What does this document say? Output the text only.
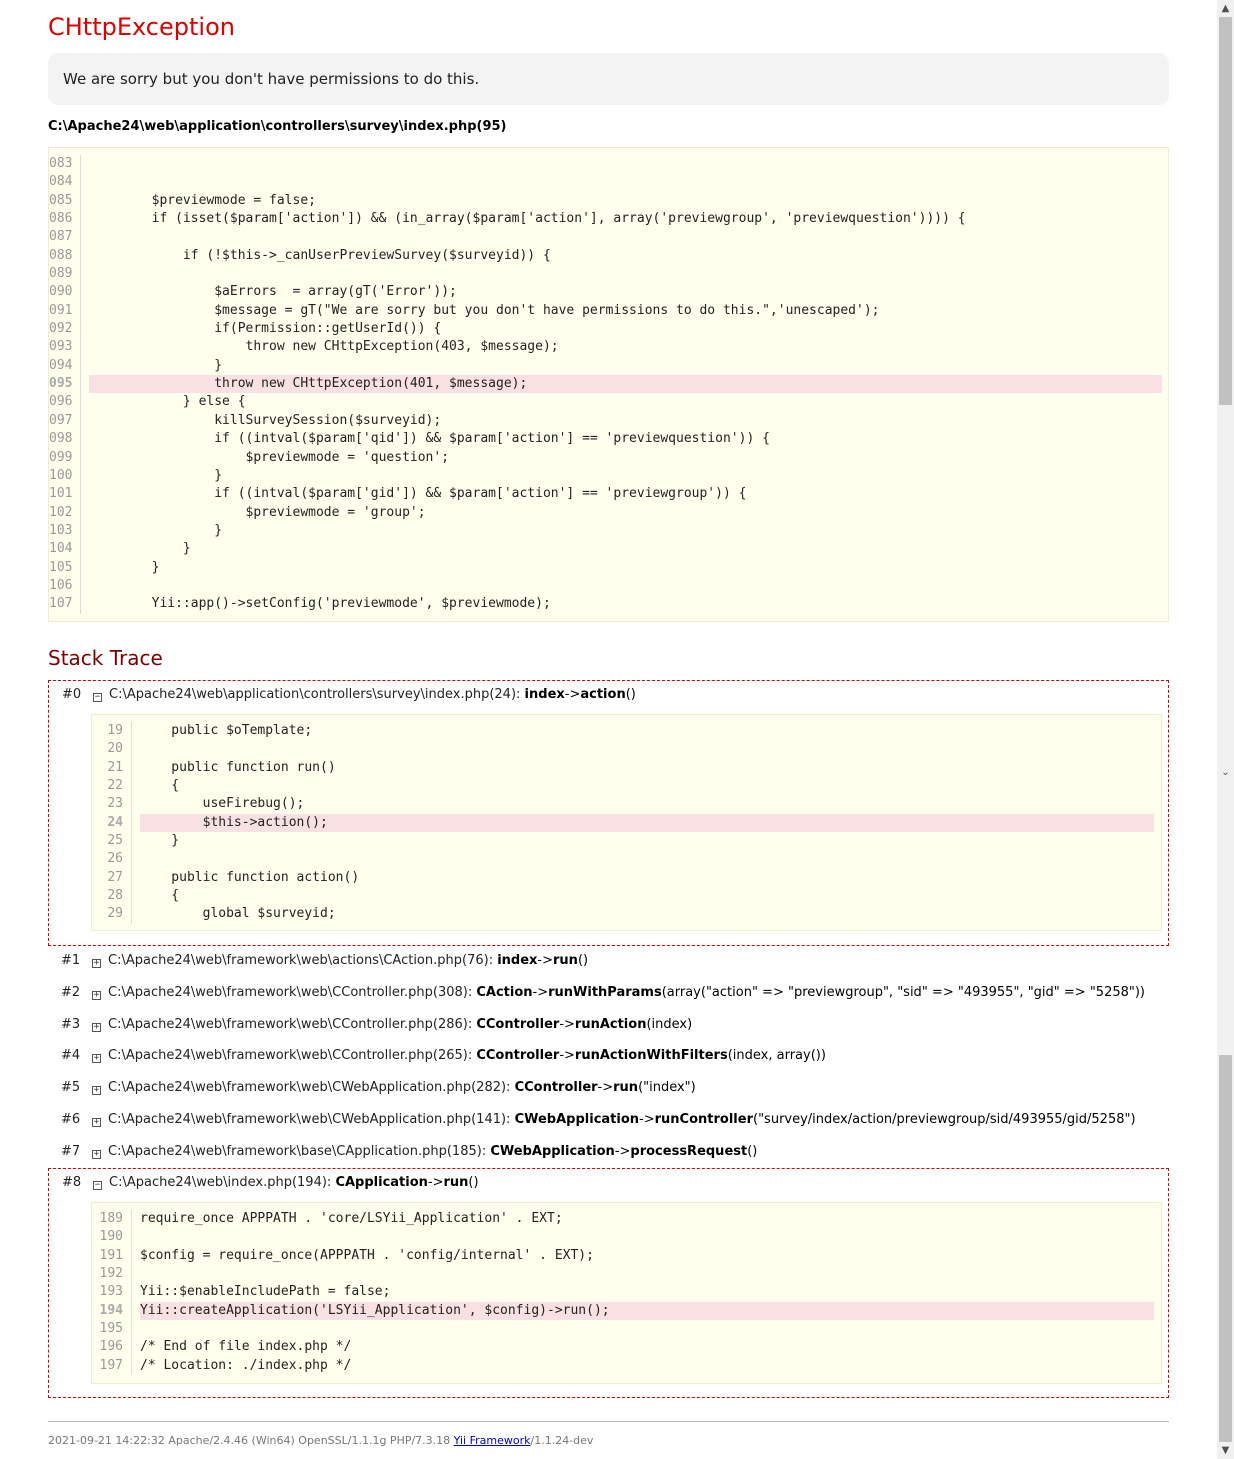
CHttpException
We are sorry but you don't have permissions to do this.
C:\Apache24\web\application\controllers\survey\index.php(95)
083
084
085	$previewmode = false;
086	if (isset($param['action']) && (in_array($param['action'], array('previewgroup', 'previewquestion')))) {
087
088	if (!$this->_canUserPreviewSurvey($surveyid)) {
089
090	$aErrors  = array(gT('Error'));
091	$message = gT("We are sorry but you don't have permissions to do this.",'unescaped');
092	if(Permission::getUserId()) {
093	throw new CHttpException(403, $message);
094	}
095	throw new CHttpException(401, $message);
096	} else {
097	killSurveySession($surveyid);
098	if ((intval($param['qid']) && $param['action'] == 'previewquestion')) {
099	$previewmode = 'question';
100	}
101	if ((intval($param['gid']) && $param['action'] == 'previewgroup')) {
102	$previewmode = 'group';
103	}
104	}
105	}
106
107	Yii::app()->setConfig('previewmode', $previewmode);
Stack Trace
#0 − C:\Apache24\web\application\controllers\survey\index.php(24): index->action()
19	public $oTemplate;
20
21	public function run()
22	{
23	useFirebug();
24	$this->action();
25	}
26
27	public function action()
28	{
29	global $surveyid;
#1 + C:\Apache24\web\framework\web\actions\CAction.php(76): index->run()
#2 + C:\Apache24\web\framework\web\CController.php(308): CAction->runWithParams(array("action" => "previewgroup", "sid" => "493955", "gid" => "5258"))
#3 + C:\Apache24\web\framework\web\CController.php(286): CController->runAction(index)
#4 + C:\Apache24\web\framework\web\CController.php(265): CController->runActionWithFilters(index, array())
#5 + C:\Apache24\web\framework\web\CWebApplication.php(282): CController->run("index")
#6 + C:\Apache24\web\framework\web\CWebApplication.php(141): CWebApplication->runController("survey/index/action/previewgroup/sid/493955/gid/5258")
#7 + C:\Apache24\web\framework\base\CApplication.php(185): CWebApplication->processRequest()
#8 − C:\Apache24\web\index.php(194): CApplication->run()
189	require_once APPPATH . 'core/LSYii_Application' . EXT;
190
191	$config = require_once(APPPATH . 'config/internal' . EXT);
192
193	Yii::$enableIncludePath = false;
194	Yii::createApplication('LSYii_Application', $config)->run();
195
196	/* End of file index.php */
197	/* Location: ./index.php */
2021-09-21 14:22:32 Apache/2.4.46 (Win64) OpenSSL/1.1.1g PHP/7.3.18 Yii Framework/1.1.24-dev
▲
⌄
▼
